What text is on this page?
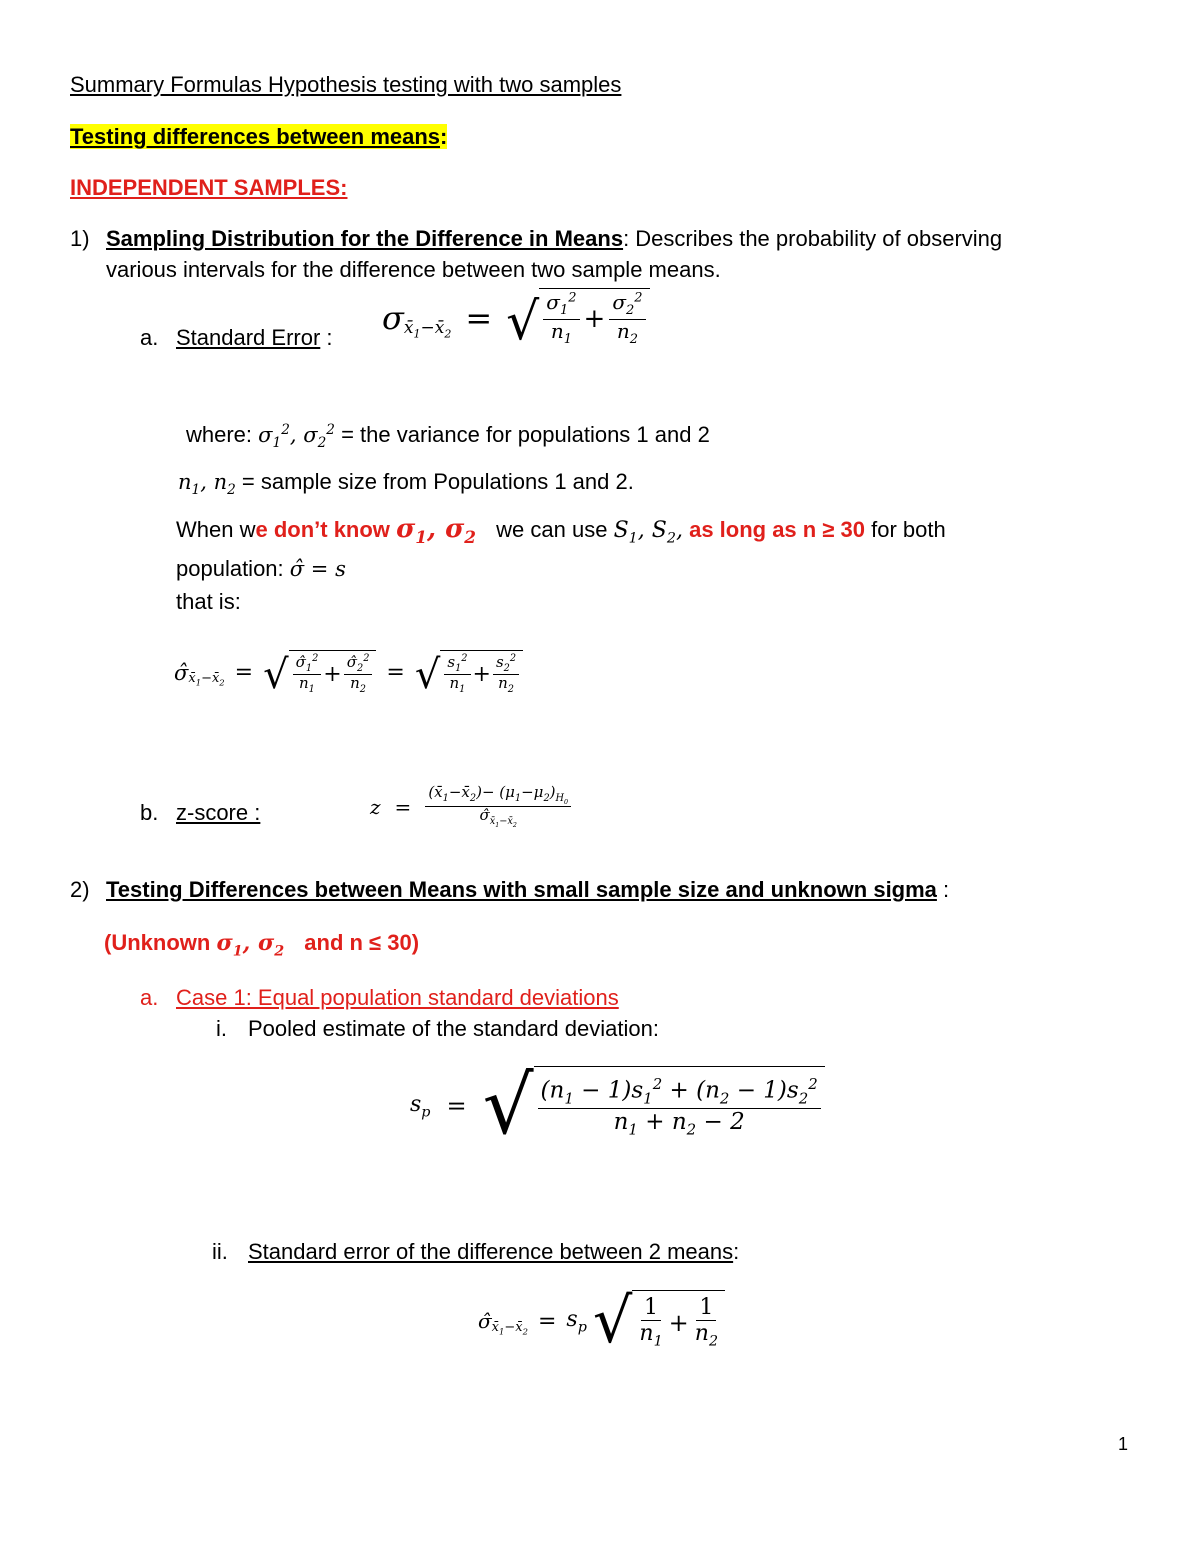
Summary Formulas Hypothesis testing with two samples
Testing differences between means:
INDEPENDENT SAMPLES:
1) Sampling Distribution for the Difference in Means: Describes the probability of observing
various intervals for the difference between two sample means.
a. Standard Error :
σ $x̄_1-x̄_2$ = √ $\frac{\sigma_1^2}{n_1} + \frac{\sigma_2^2}{n_2}$
where: $\sigma_1^2$, $\sigma_2^2$ = the variance for populations 1 and 2
$n_1$, $n_2$ = sample size from Populations 1 and 2.
When we don’t know $\sigma_1$, $\sigma_2$ we can use $S_1$, $S_2$, as long as n ≥ 30 for both
population: σ̂ = s
that is:
σ̂ $x̄_1-x̄_2$ = √ $\frac{\sigmâ_1^2}{n_1} + \frac{\sigmâ_2^2}{n_2}$ = √ $\frac{s_1^2}{n_1} + \frac{s_2^2}{n_2}$
b. z-score :	$z = \frac{(x̄_1-x̄_2)- (\mu_1-\mu_2)_{H_0}}{\sigmâ_{x̄_1-x̄_2}}$
2) Testing Differences between Means with small sample size and unknown sigma :
(Unknown $\sigma_1$, $\sigma_2$ and n ≤ 30)
a. Case 1: Equal population standard deviations
i. Pooled estimate of the standard deviation:
$s_p$ = √ $\frac{(n_1 - 1)s_1^2 + (n_2 - 1)s_2^2}{n_1 + n_2 - 2}$
ii. Standard error of the difference between 2 means:
σ̂ $x̄_1-x̄_2 = s_p$ √ $\frac{1}{n_1} + \frac{1}{n_2}$
1
